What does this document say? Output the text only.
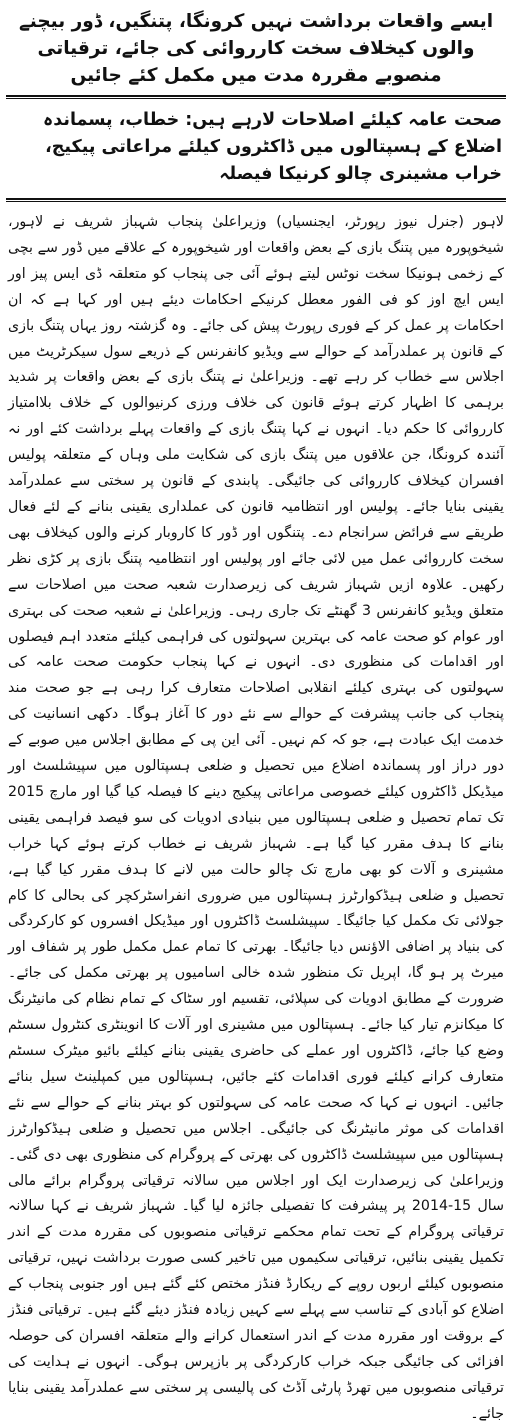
ایسے واقعات برداشت نہیں کرونگا، پتنگیں، ڈور بیچنے والوں کیخلاف سخت کارروائی کی جائے، ترقیاتی منصوبے مقررہ مدت میں مکمل کئے جائیں
صحت عامہ کیلئے اصلاحات لارہے ہیں: خطاب، پسماندہ اضلاع کے ہسپتالوں میں ڈاکٹروں کیلئے مراعاتی پیکیج، خراب مشینری چالو کرنیکا فیصلہ

لاہور (جنرل نیوز رپورٹر، ایجنسیاں) وزیراعلیٰ پنجاب شہباز شریف نے لاہور، شیخوپورہ میں پتنگ بازی کے بعض واقعات اور شیخوپورہ کے علاقے میں ڈور سے بچی کے زخمی ہونیکا سخت نوٹس لیتے ہوئے آئی جی پنجاب کو متعلقہ ڈی ایس پیز اور ایس ایچ اوز کو فی الفور معطل کرنیکے احکامات دیئے ہیں اور کہا ہے کہ ان احکامات پر عمل کر کے فوری رپورٹ پیش کی جائے۔ وہ گزشتہ روز یہاں پتنگ بازی کے قانون پر عملدرآمد کے حوالے سے ویڈیو کانفرنس کے ذریعے سول سیکرٹریٹ میں اجلاس سے خطاب کر رہے تھے۔ وزیراعلیٰ نے پتنگ بازی کے بعض واقعات پر شدید برہمی کا اظہار کرتے ہوئے قانون کی خلاف ورزی کرنیوالوں کے خلاف بلاامتیاز کارروائی کا حکم دیا۔ انہوں نے کہا پتنگ بازی کے واقعات پہلے برداشت کئے اور نہ آئندہ کرونگا، جن علاقوں میں پتنگ بازی کی شکایت ملی وہاں کے متعلقہ پولیس افسران کیخلاف کارروائی کی جائیگی۔ پابندی کے قانون پر سختی سے عملدرآمد یقینی بنایا جائے۔ پولیس اور انتظامیہ قانون کی عملداری یقینی بنانے کے لئے فعال طریقے سے فرائض سرانجام دے۔ پتنگوں اور ڈور کا کاروبار کرنے والوں کیخلاف بھی سخت کارروائی عمل میں لائی جائے اور پولیس اور انتظامیہ پتنگ بازی پر کڑی نظر رکھیں۔ علاوہ ازیں شہباز شریف کی زیرصدارت شعبہ صحت میں اصلاحات سے متعلق ویڈیو کانفرنس 3 گھنٹے تک جاری رہی۔ وزیراعلیٰ نے شعبہ صحت کی بہتری اور عوام کو صحت عامہ کی بہترین سہولتوں کی فراہمی کیلئے متعدد اہم فیصلوں اور اقدامات کی منظوری دی۔ انہوں نے کہا پنجاب حکومت صحت عامہ کی سہولتوں کی بہتری کیلئے انقلابی اصلاحات متعارف کرا رہی ہے جو صحت مند پنجاب کی جانب پیشرفت کے حوالے سے نئے دور کا آغاز ہوگا۔ دکھی انسانیت کی خدمت ایک عبادت ہے، جو کہ کم نہیں۔ آئی این پی کے مطابق اجلاس میں صوبے کے دور دراز اور پسماندہ اضلاع میں تحصیل و ضلعی ہسپتالوں میں سپیشلسٹ اور میڈیکل ڈاکٹروں کیلئے خصوصی مراعاتی پیکیج دینے کا فیصلہ کیا گیا اور مارچ 2015 تک تمام تحصیل و ضلعی ہسپتالوں میں بنیادی ادویات کی سو فیصد فراہمی یقینی بنانے کا ہدف مقرر کیا گیا ہے۔ شہباز شریف نے خطاب کرتے ہوئے کہا خراب مشینری و آلات کو بھی مارچ تک چالو حالت میں لانے کا ہدف مقرر کیا گیا ہے، تحصیل و ضلعی ہیڈکوارٹرز ہسپتالوں میں ضروری انفراسٹرکچر کی بحالی کا کام جولائی تک مکمل کیا جائیگا۔ سپیشلسٹ ڈاکٹروں اور میڈیکل افسروں کو کارکردگی کی بنیاد پر اضافی الاؤنس دیا جائیگا۔ بھرتی کا تمام عمل مکمل طور پر شفاف اور میرٹ پر ہو گا، اپریل تک منظور شدہ خالی اسامیوں پر بھرتی مکمل کی جائے۔ ضرورت کے مطابق ادویات کی سپلائی، تقسیم اور سٹاک کے تمام نظام کی مانیٹرنگ کا میکانزم تیار کیا جائے۔ ہسپتالوں میں مشینری اور آلات کا انوینٹری کنٹرول سسٹم وضع کیا جائے، ڈاکٹروں اور عملے کی حاضری یقینی بنانے کیلئے بائیو میٹرک سسٹم متعارف کرانے کیلئے فوری اقدامات کئے جائیں، ہسپتالوں میں کمپلینٹ سیل بنائے جائیں۔ انہوں نے کہا کہ صحت عامہ کی سہولتوں کو بہتر بنانے کے حوالے سے نئے اقدامات کی موثر مانیٹرنگ کی جائیگی۔ اجلاس میں تحصیل و ضلعی ہیڈکوارٹرز ہسپتالوں میں سپیشلسٹ ڈاکٹروں کی بھرتی کے پروگرام کی منظوری بھی دی گئی۔ وزیراعلیٰ کی زیرصدارت ایک اور اجلاس میں سالانہ ترقیاتی پروگرام برائے مالی سال 15-2014 پر پیشرفت کا تفصیلی جائزہ لیا گیا۔ شہباز شریف نے کہا سالانہ ترقیاتی پروگرام کے تحت تمام محکمے ترقیاتی منصوبوں کی مقررہ مدت کے اندر تکمیل یقینی بنائیں، ترقیاتی سکیموں میں تاخیر کسی صورت برداشت نہیں، ترقیاتی منصوبوں کیلئے اربوں روپے کے ریکارڈ فنڈز مختص کئے گئے ہیں اور جنوبی پنجاب کے اضلاع کو آبادی کے تناسب سے پہلے سے کہیں زیادہ فنڈز دیئے گئے ہیں۔ ترقیاتی فنڈز کے بروقت اور مقررہ مدت کے اندر استعمال کرانے والے متعلقہ افسران کی حوصلہ افزائی کی جائیگی جبکہ خراب کارکردگی پر بازپرس ہوگی۔ انہوں نے ہدایت کی ترقیاتی منصوبوں میں تھرڈ پارٹی آڈٹ کی پالیسی پر سختی سے عملدرآمد یقینی بنایا جائے۔
